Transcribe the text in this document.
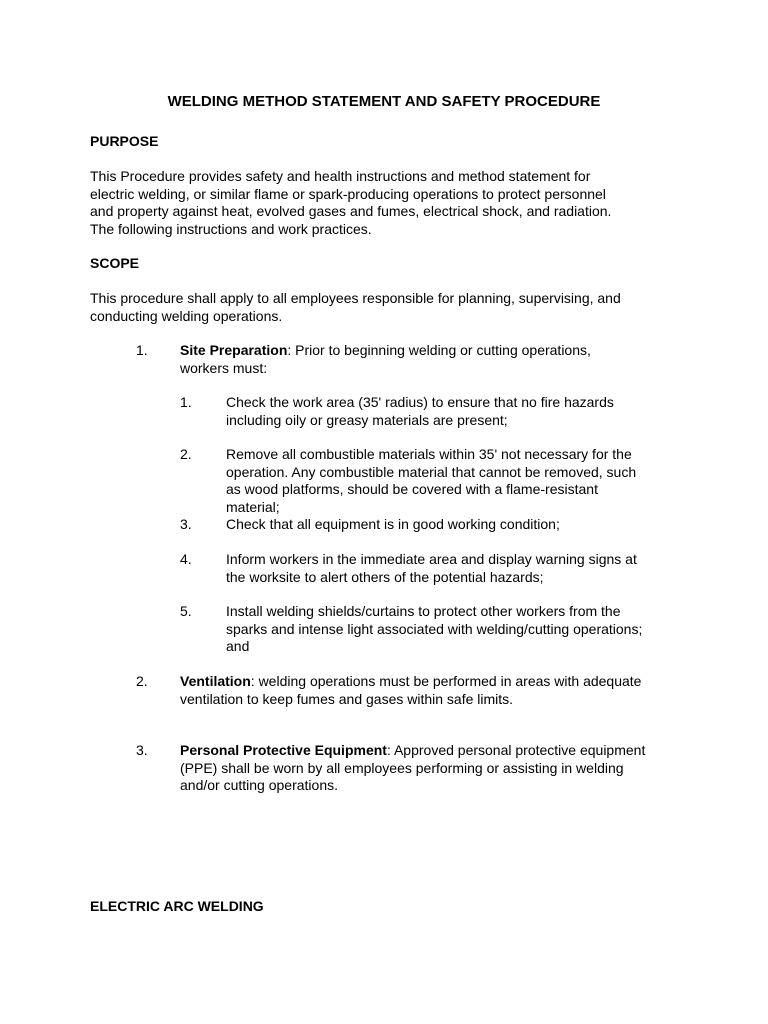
WELDING METHOD STATEMENT AND SAFETY PROCEDURE
PURPOSE
This Procedure provides safety and health instructions and method statement for
electric welding, or similar flame or spark-producing operations to protect personnel
and property against heat, evolved gases and fumes, electrical shock, and radiation.
The following instructions and work practices.
SCOPE
This procedure shall apply to all employees responsible for planning, supervising, and
conducting welding operations.
1. Site Preparation: Prior to beginning welding or cutting operations,
workers must:
1. Check the work area (35' radius) to ensure that no fire hazards
including oily or greasy materials are present;
2. Remove all combustible materials within 35' not necessary for the
operation. Any combustible material that cannot be removed, such
as wood platforms, should be covered with a flame-resistant
material;
3. Check that all equipment is in good working condition;
4. Inform workers in the immediate area and display warning signs at
the worksite to alert others of the potential hazards;
5. Install welding shields/curtains to protect other workers from the
sparks and intense light associated with welding/cutting operations;
and
2. Ventilation: welding operations must be performed in areas with adequate
ventilation to keep fumes and gases within safe limits.
3. Personal Protective Equipment: Approved personal protective equipment
(PPE) shall be worn by all employees performing or assisting in welding
and/or cutting operations.
ELECTRIC ARC WELDING
